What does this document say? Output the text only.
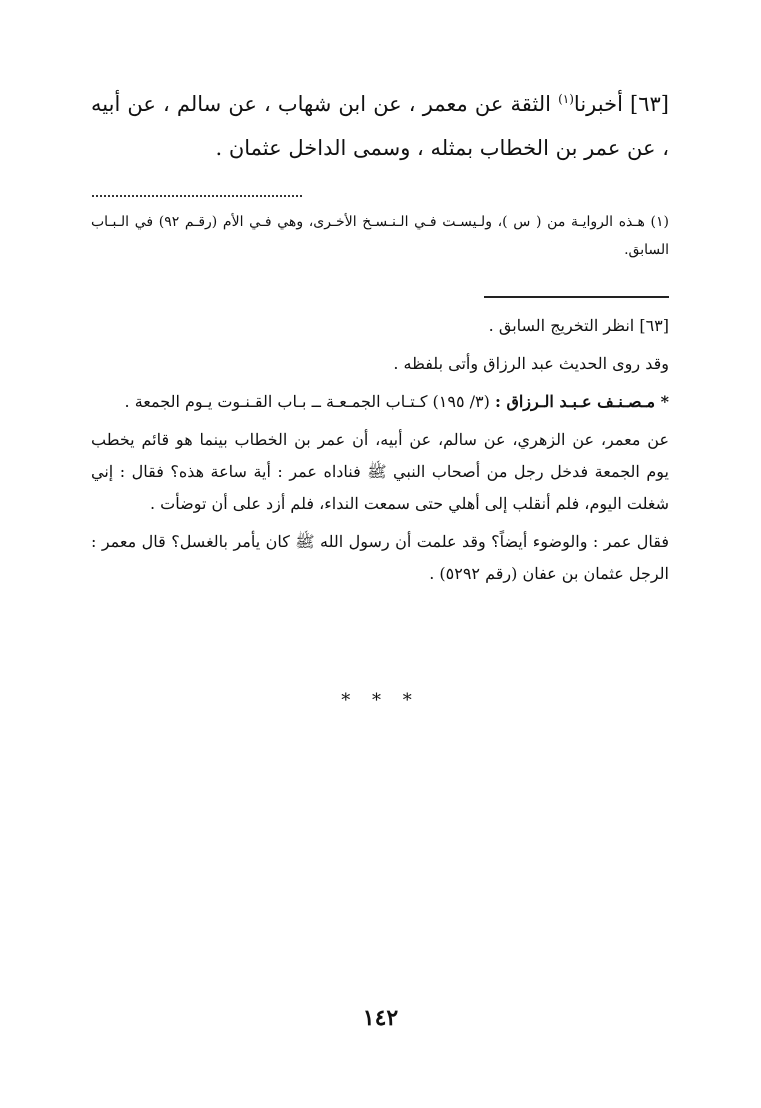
[٦٣] أخبرنا$^{(١)}$ الثقة عن معمر ، عن ابن شهاب ، عن سالم ، عن أبيه ، عن عمر بن الخطاب بمثله ، وسمى الداخل عثمان .
(١) هـذه الروايـة من ( س )، ولـيسـت فـي الـنـسـخ الأخـرى، وهي فـي الأم (رقـم ٩٢) في الـبـاب السابق.

[٦٣] انظر التخريج السابق .

وقد روى الحديث عبد الرزاق وأتى بلفظه .

* مـصـنـف عـبـد الـرزاق : (٣/ ١٩٥) كـتـاب الجمـعـة ــ بـاب القـنـوت يـوم الجمعة .

عن معمر، عن الزهري، عن سالم، عن أبيه، أن عمر بن الخطاب بينما هو قائم يخطب يوم الجمعة فدخل رجل من أصحاب النبي ﷺ فناداه عمر : أية ساعة هذه؟ فقال : إني شغلت اليوم، فلم أنقلب إلى أهلي حتى سمعت النداء، فلم أزد على أن توضأت .

فقال عمر : والوضوء أيضاً؟ وقد علمت أن رسول الله ﷺ كان يأمر بالغسل؟ قال معمر : الرجل عثمان بن عفان (رقم ٥٢٩٢) .

* * *
١٤٢
